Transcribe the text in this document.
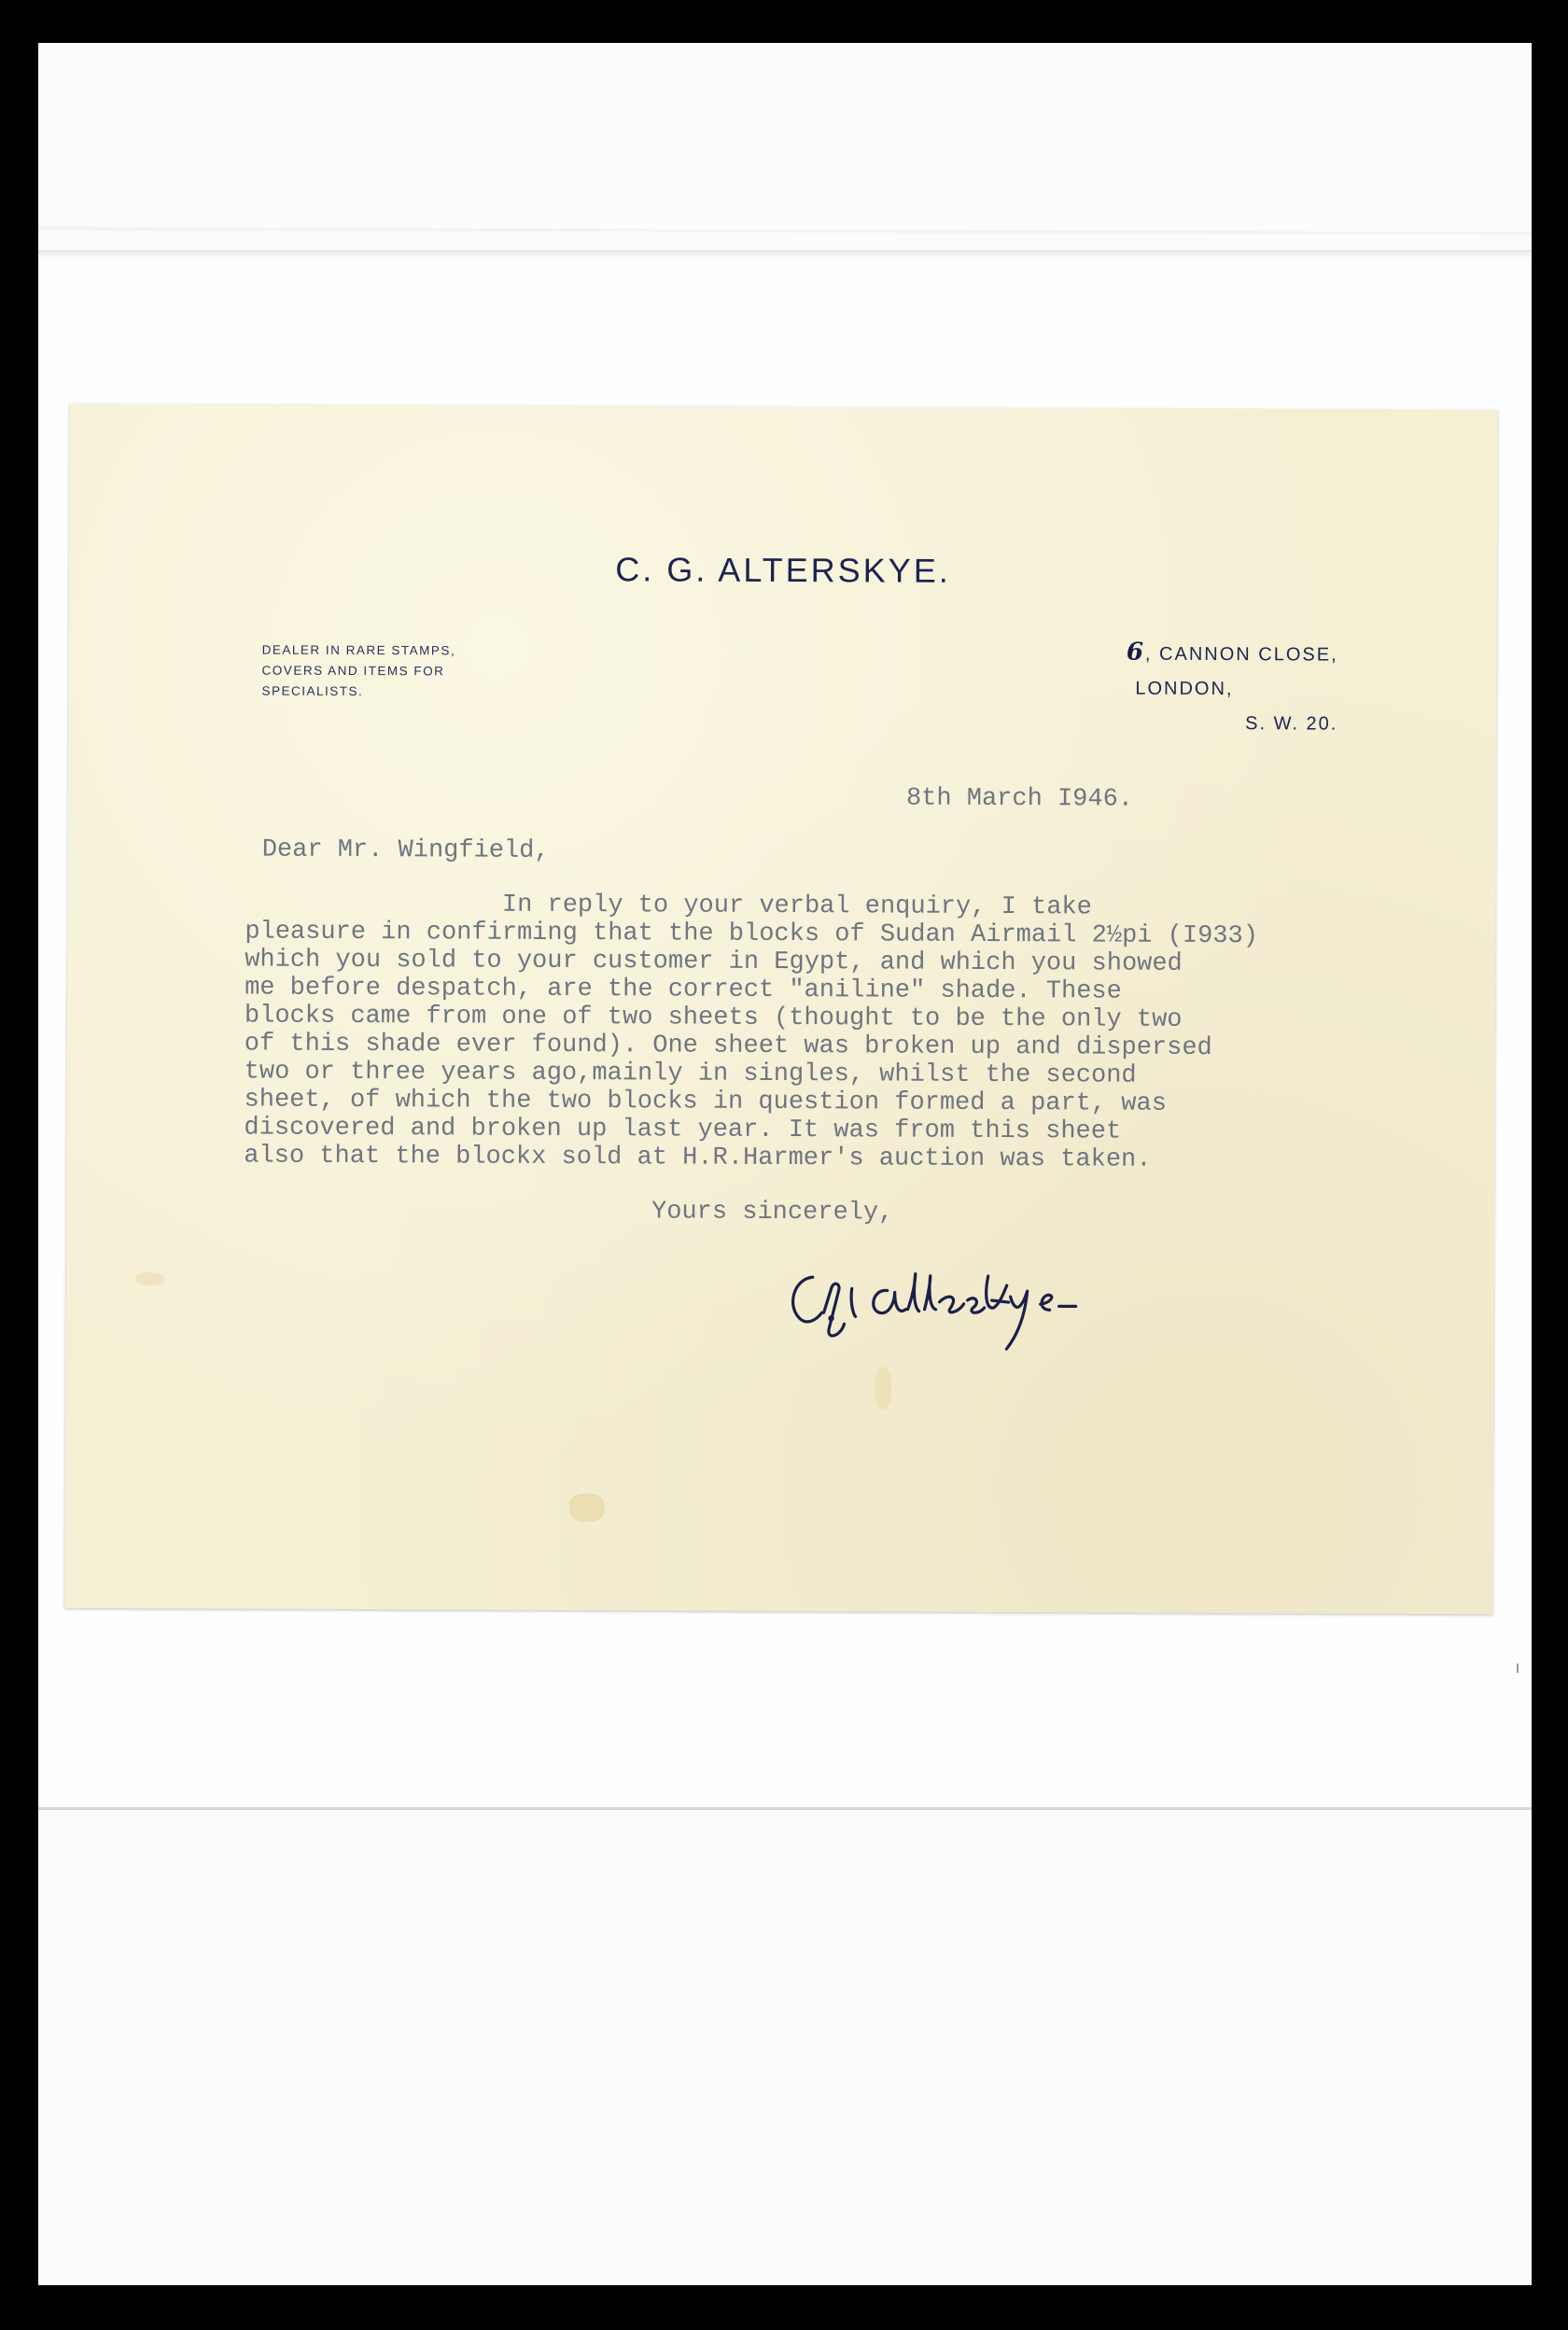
C. G. ALTERSKYE.
DEALER IN RARE STAMPS,
COVERS AND ITEMS FOR
SPECIALISTS.
6, CANNON CLOSE,
LONDON,
S. W. 20.
8th March I946.
Dear Mr. Wingfield,
In reply to your verbal enquiry, I take
pleasure in confirming that the blocks of Sudan Airmail 2½pi (I933)
which you sold to your customer in Egypt, and which you showed
me before despatch, are the correct "aniline" shade. These
blocks came from one of two sheets (thought to be the only two
of this shade ever found). One sheet was broken up and dispersed
two or three years ago,mainly in singles, whilst the second
sheet, of which the two blocks in question formed a part, was
discovered and broken up last year. It was from this sheet
also that the blockx sold at H.R.Harmer's auction was taken.
Yours sincerely,
